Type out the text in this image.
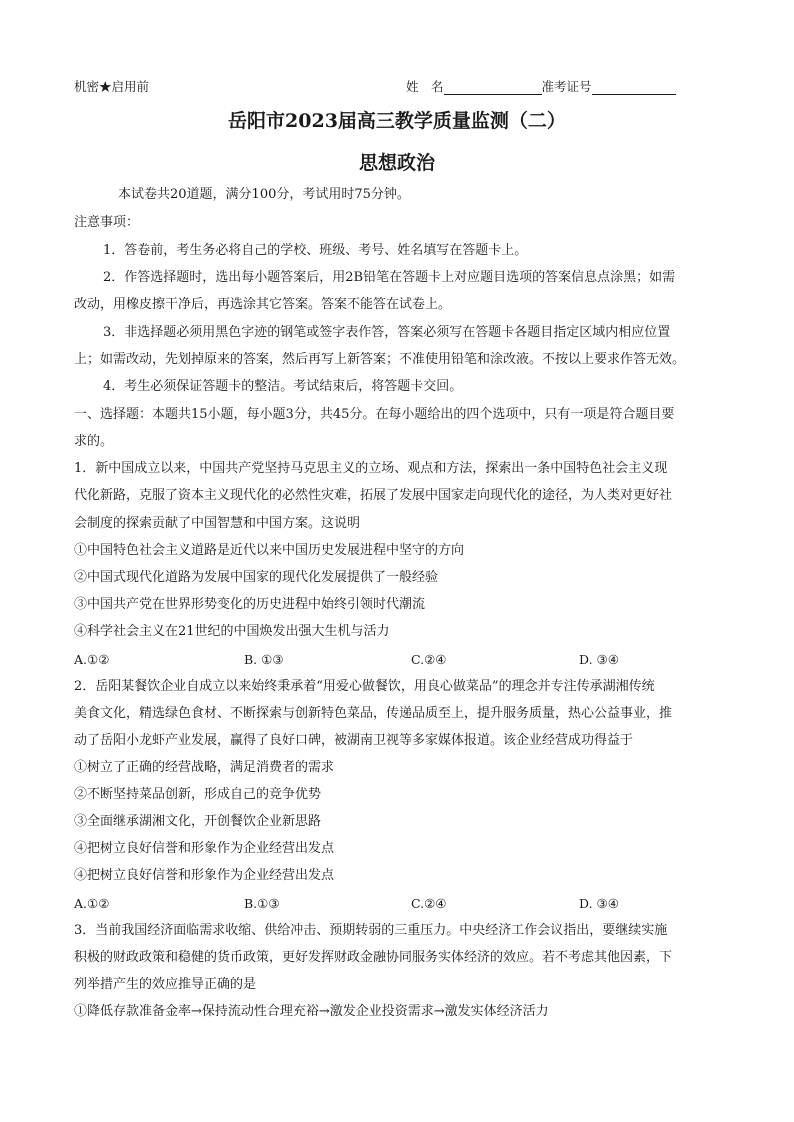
机密★启用前	姓　名	准考证号
岳阳市2023届高三教学质量监测（二）
思想政治
本试卷共20道题，满分100分，考试用时75分钟。
注意事项：
1．答卷前，考生务必将自己的学校、班级、考号、姓名填写在答题卡上。
2．作答选择题时，选出每小题答案后，用2B铅笔在答题卡上对应题目选项的答案信息点涂黑；如需
改动，用橡皮擦干净后，再选涂其它答案。答案不能答在试卷上。
3．非选择题必须用黑色字迹的钢笔或签字表作答，答案必须写在答题卡各题目指定区域内相应位置
上；如需改动，先划掉原来的答案，然后再写上新答案；不准使用铅笔和涂改液。不按以上要求作答无效。
4．考生必须保证答题卡的整洁。考试结束后，将答题卡交回。
一、选择题：本题共15小题，每小题3分，共45分。在每小题给出的四个选项中，只有一项是符合题目要
求的。
1．新中国成立以来，中国共产党坚持马克思主义的立场、观点和方法，探索出一条中国特色社会主义现
代化新路，克服了资本主义现代化的必然性灾难，拓展了发展中国家走向现代化的途径，为人类对更好社
会制度的探索贡献了中国智慧和中国方案。这说明
①中国特色社会主义道路是近代以来中国历史发展进程中坚守的方向
②中国式现代化道路为发展中国家的现代化发展提供了一般经验
③中国共产党在世界形势变化的历史进程中始终引领时代潮流
④科学社会主义在21世纪的中国焕发出强大生机与活力
A.①②	B. ①③	C.②④	D. ③④
2．岳阳某餐饮企业自成立以来始终秉承着“用爱心做餐饮，用良心做菜品”的理念并专注传承湖湘传统
美食文化，精选绿色食材、不断探索与创新特色菜品，传递品质至上，提升服务质量，热心公益事业，推
动了岳阳小龙虾产业发展，赢得了良好口碑，被湖南卫视等多家媒体报道。该企业经营成功得益于
①树立了正确的经营战略，满足消费者的需求
②不断坚持菜品创新，形成自己的竞争优势
③全面继承湖湘文化，开创餐饮企业新思路
④把树立良好信誉和形象作为企业经营出发点
④把树立良好信誉和形象作为企业经营出发点
A.①②	B.①③	C.②④	D. ③④
3．当前我国经济面临需求收缩、供给冲击、预期转弱的三重压力。中央经济工作会议指出，要继续实施
积极的财政政策和稳健的货币政策，更好发挥财政金融协同服务实体经济的效应。若不考虑其他因素，下
列举措产生的效应推导正确的是
①降低存款准备金率→保持流动性合理充裕→激发企业投资需求→激发实体经济活力
